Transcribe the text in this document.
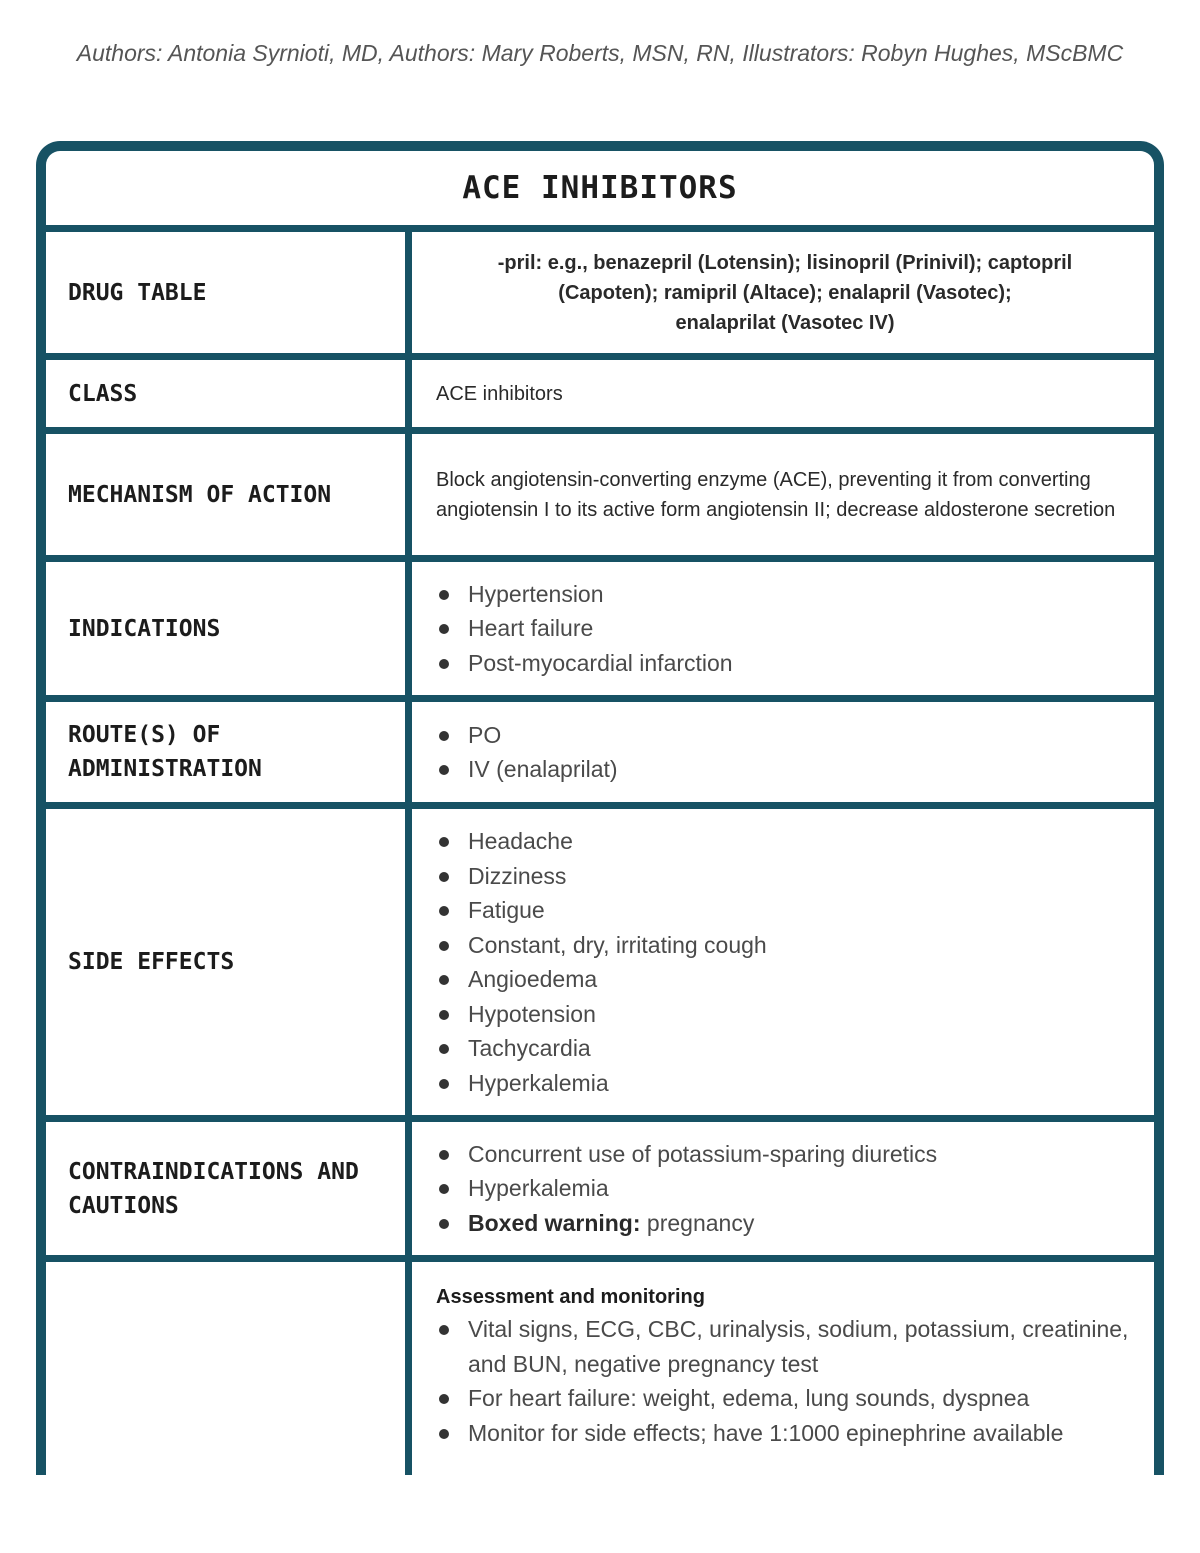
Authors: Antonia Syrnioti, MD, Authors: Mary Roberts, MSN, RN, Illustrators: Robyn Hughes, MScBMC
ACE INHIBITORS
DRUG TABLE
-pril: e.g., benazepril (Lotensin); lisinopril (Prinivil); captopril
(Capoten); ramipril (Altace); enalapril (Vasotec);
enalaprilat (Vasotec IV)
CLASS	ACE inhibitors
MECHANISM OF ACTION
Block angiotensin-converting enzyme (ACE), preventing it from converting angiotensin I to its active form angiotensin II; decrease aldosterone secretion
INDICATIONS
Hypertension
Heart failure
Post-myocardial infarction
ROUTE(S) OF
ADMINISTRATION
PO
IV (enalaprilat)
SIDE EFFECTS
Headache
Dizziness
Fatigue
Constant, dry, irritating cough
Angioedema
Hypotension
Tachycardia
Hyperkalemia
CONTRAINDICATIONS AND
CAUTIONS
Concurrent use of potassium-sparing diuretics
Hyperkalemia
Boxed warning: pregnancy
Assessment and monitoring
Vital signs, ECG, CBC, urinalysis, sodium, potassium, creatinine, and BUN, negative pregnancy test
For heart failure: weight, edema, lung sounds, dyspnea
Monitor for side effects; have 1:1000 epinephrine available
